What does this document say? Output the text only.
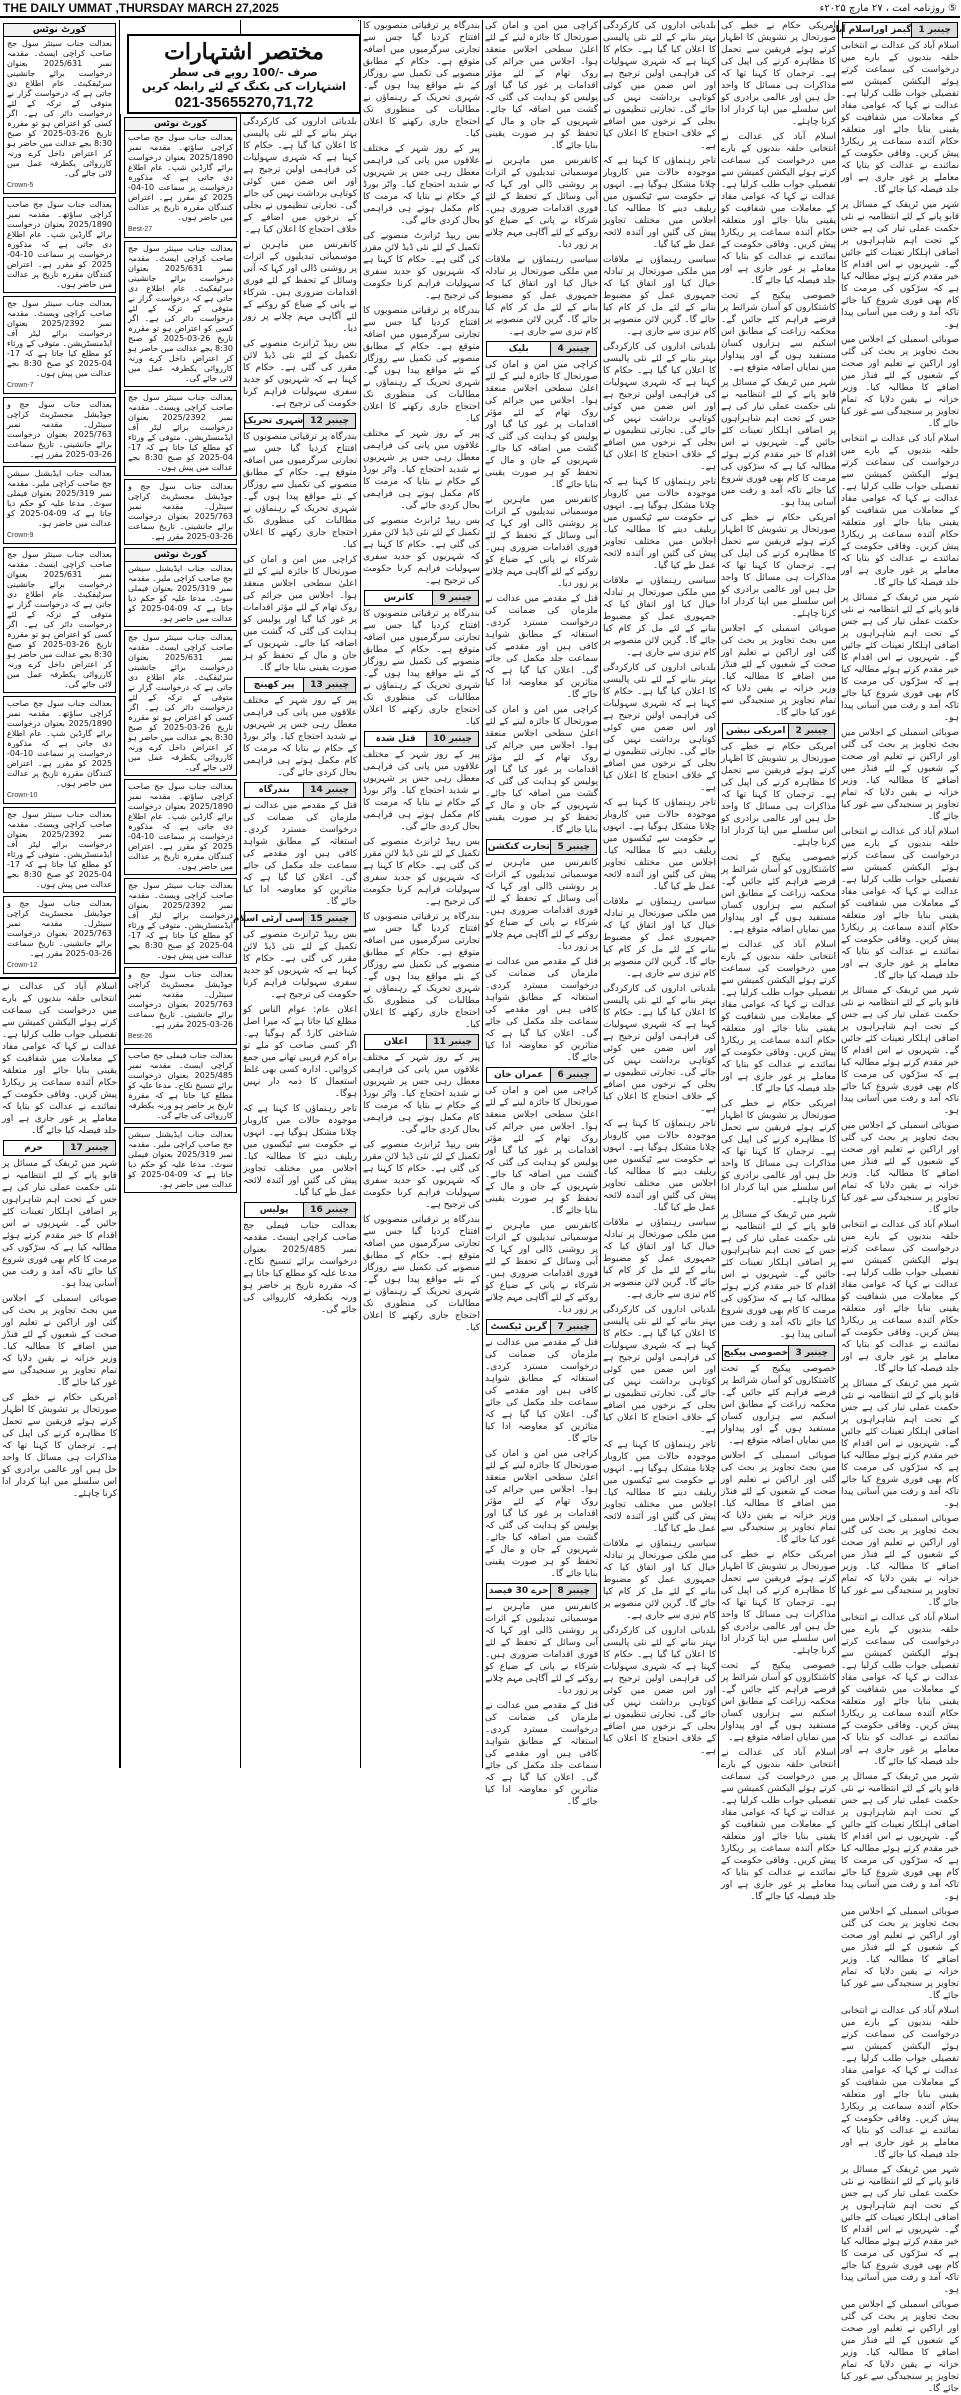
THE DAILY UMMAT ,THURSDAY MARCH 27,2025	⑤ روزنامہ امت ، ۲۷ مارچ ۲۰۲۵ء
چینبر 1
گیمز اوراسلام آباد

اسلام آباد کی عدالت نے انتخابی حلقہ بندیوں کے بارے میں درخواست کی سماعت کرتے ہوئے الیکشن کمیشن سے تفصیلی جواب طلب کرلیا ہے۔ عدالت نے کہا کہ عوامی مفاد کے معاملات میں شفافیت کو یقینی بنایا جائے اور متعلقہ حکام آئندہ سماعت پر ریکارڈ پیش کریں۔ وفاقی حکومت کے نمائندے نے عدالت کو بتایا کہ معاملے پر غور جاری ہے اور جلد فیصلہ کیا جائے گا۔

شہر میں ٹریفک کے مسائل پر قابو پانے کے لئے انتظامیہ نے نئی حکمت عملی تیار کی ہے جس کے تحت اہم شاہراہوں پر اضافی اہلکار تعینات کئے جائیں گے۔ شہریوں نے اس اقدام کا خیر مقدم کرتے ہوئے مطالبہ کیا ہے کہ سڑکوں کی مرمت کا کام بھی فوری شروع کیا جائے تاکہ آمد و رفت میں آسانی پیدا ہو۔

صوبائی اسمبلی کے اجلاس میں بجٹ تجاویز پر بحث کی گئی اور اراکین نے تعلیم اور صحت کے شعبوں کے لئے فنڈز میں اضافے کا مطالبہ کیا۔ وزیر خزانہ نے یقین دلایا کہ تمام تجاویز پر سنجیدگی سے غور کیا جائے گا۔

اسلام آباد کی عدالت نے انتخابی حلقہ بندیوں کے بارے میں درخواست کی سماعت کرتے ہوئے الیکشن کمیشن سے تفصیلی جواب طلب کرلیا ہے۔ عدالت نے کہا کہ عوامی مفاد کے معاملات میں شفافیت کو یقینی بنایا جائے اور متعلقہ حکام آئندہ سماعت پر ریکارڈ پیش کریں۔ وفاقی حکومت کے نمائندے نے عدالت کو بتایا کہ معاملے پر غور جاری ہے اور جلد فیصلہ کیا جائے گا۔

شہر میں ٹریفک کے مسائل پر قابو پانے کے لئے انتظامیہ نے نئی حکمت عملی تیار کی ہے جس کے تحت اہم شاہراہوں پر اضافی اہلکار تعینات کئے جائیں گے۔ شہریوں نے اس اقدام کا خیر مقدم کرتے ہوئے مطالبہ کیا ہے کہ سڑکوں کی مرمت کا کام بھی فوری شروع کیا جائے تاکہ آمد و رفت میں آسانی پیدا ہو۔

صوبائی اسمبلی کے اجلاس میں بجٹ تجاویز پر بحث کی گئی اور اراکین نے تعلیم اور صحت کے شعبوں کے لئے فنڈز میں اضافے کا مطالبہ کیا۔ وزیر خزانہ نے یقین دلایا کہ تمام تجاویز پر سنجیدگی سے غور کیا جائے گا۔

اسلام آباد کی عدالت نے انتخابی حلقہ بندیوں کے بارے میں درخواست کی سماعت کرتے ہوئے الیکشن کمیشن سے تفصیلی جواب طلب کرلیا ہے۔ عدالت نے کہا کہ عوامی مفاد کے معاملات میں شفافیت کو یقینی بنایا جائے اور متعلقہ حکام آئندہ سماعت پر ریکارڈ پیش کریں۔ وفاقی حکومت کے نمائندے نے عدالت کو بتایا کہ معاملے پر غور جاری ہے اور جلد فیصلہ کیا جائے گا۔

شہر میں ٹریفک کے مسائل پر قابو پانے کے لئے انتظامیہ نے نئی حکمت عملی تیار کی ہے جس کے تحت اہم شاہراہوں پر اضافی اہلکار تعینات کئے جائیں گے۔ شہریوں نے اس اقدام کا خیر مقدم کرتے ہوئے مطالبہ کیا ہے کہ سڑکوں کی مرمت کا کام بھی فوری شروع کیا جائے تاکہ آمد و رفت میں آسانی پیدا ہو۔

صوبائی اسمبلی کے اجلاس میں بجٹ تجاویز پر بحث کی گئی اور اراکین نے تعلیم اور صحت کے شعبوں کے لئے فنڈز میں اضافے کا مطالبہ کیا۔ وزیر خزانہ نے یقین دلایا کہ تمام تجاویز پر سنجیدگی سے غور کیا جائے گا۔

اسلام آباد کی عدالت نے انتخابی حلقہ بندیوں کے بارے میں درخواست کی سماعت کرتے ہوئے الیکشن کمیشن سے تفصیلی جواب طلب کرلیا ہے۔ عدالت نے کہا کہ عوامی مفاد کے معاملات میں شفافیت کو یقینی بنایا جائے اور متعلقہ حکام آئندہ سماعت پر ریکارڈ پیش کریں۔ وفاقی حکومت کے نمائندے نے عدالت کو بتایا کہ معاملے پر غور جاری ہے اور جلد فیصلہ کیا جائے گا۔

شہر میں ٹریفک کے مسائل پر قابو پانے کے لئے انتظامیہ نے نئی حکمت عملی تیار کی ہے جس کے تحت اہم شاہراہوں پر اضافی اہلکار تعینات کئے جائیں گے۔ شہریوں نے اس اقدام کا خیر مقدم کرتے ہوئے مطالبہ کیا ہے کہ سڑکوں کی مرمت کا کام بھی فوری شروع کیا جائے تاکہ آمد و رفت میں آسانی پیدا ہو۔

صوبائی اسمبلی کے اجلاس میں بجٹ تجاویز پر بحث کی گئی اور اراکین نے تعلیم اور صحت کے شعبوں کے لئے فنڈز میں اضافے کا مطالبہ کیا۔ وزیر خزانہ نے یقین دلایا کہ تمام تجاویز پر سنجیدگی سے غور کیا جائے گا۔

اسلام آباد کی عدالت نے انتخابی حلقہ بندیوں کے بارے میں درخواست کی سماعت کرتے ہوئے الیکشن کمیشن سے تفصیلی جواب طلب کرلیا ہے۔ عدالت نے کہا کہ عوامی مفاد کے معاملات میں شفافیت کو یقینی بنایا جائے اور متعلقہ حکام آئندہ سماعت پر ریکارڈ پیش کریں۔ وفاقی حکومت کے نمائندے نے عدالت کو بتایا کہ معاملے پر غور جاری ہے اور جلد فیصلہ کیا جائے گا۔

شہر میں ٹریفک کے مسائل پر قابو پانے کے لئے انتظامیہ نے نئی حکمت عملی تیار کی ہے جس کے تحت اہم شاہراہوں پر اضافی اہلکار تعینات کئے جائیں گے۔ شہریوں نے اس اقدام کا خیر مقدم کرتے ہوئے مطالبہ کیا ہے کہ سڑکوں کی مرمت کا کام بھی فوری شروع کیا جائے تاکہ آمد و رفت میں آسانی پیدا ہو۔

صوبائی اسمبلی کے اجلاس میں بجٹ تجاویز پر بحث کی گئی اور اراکین نے تعلیم اور صحت کے شعبوں کے لئے فنڈز میں اضافے کا مطالبہ کیا۔ وزیر خزانہ نے یقین دلایا کہ تمام تجاویز پر سنجیدگی سے غور کیا جائے گا۔

اسلام آباد کی عدالت نے انتخابی حلقہ بندیوں کے بارے میں درخواست کی سماعت کرتے ہوئے الیکشن کمیشن سے تفصیلی جواب طلب کرلیا ہے۔ عدالت نے کہا کہ عوامی مفاد کے معاملات میں شفافیت کو یقینی بنایا جائے اور متعلقہ حکام آئندہ سماعت پر ریکارڈ پیش کریں۔ وفاقی حکومت کے نمائندے نے عدالت کو بتایا کہ معاملے پر غور جاری ہے اور جلد فیصلہ کیا جائے گا۔

شہر میں ٹریفک کے مسائل پر قابو پانے کے لئے انتظامیہ نے نئی حکمت عملی تیار کی ہے جس کے تحت اہم شاہراہوں پر اضافی اہلکار تعینات کئے جائیں گے۔ شہریوں نے اس اقدام کا خیر مقدم کرتے ہوئے مطالبہ کیا ہے کہ سڑکوں کی مرمت کا کام بھی فوری شروع کیا جائے تاکہ آمد و رفت میں آسانی پیدا ہو۔

صوبائی اسمبلی کے اجلاس میں بجٹ تجاویز پر بحث کی گئی اور اراکین نے تعلیم اور صحت کے شعبوں کے لئے فنڈز میں اضافے کا مطالبہ کیا۔ وزیر خزانہ نے یقین دلایا کہ تمام تجاویز پر سنجیدگی سے غور کیا جائے گا۔

امریکی حکام نے خطے کی صورتحال پر تشویش کا اظہار کرتے ہوئے فریقین سے تحمل کا مظاہرہ کرنے کی اپیل کی ہے۔ ترجمان کا کہنا تھا کہ مذاکرات ہی مسائل کا واحد حل ہیں اور عالمی برادری کو اس سلسلے میں اپنا کردار ادا کرنا چاہئے۔

اسلام آباد کی عدالت نے انتخابی حلقہ بندیوں کے بارے میں درخواست کی سماعت کرتے ہوئے الیکشن کمیشن سے تفصیلی جواب طلب کرلیا ہے۔ عدالت نے کہا کہ عوامی مفاد کے معاملات میں شفافیت کو یقینی بنایا جائے اور متعلقہ حکام آئندہ سماعت پر ریکارڈ پیش کریں۔ وفاقی حکومت کے نمائندے نے عدالت کو بتایا کہ معاملے پر غور جاری ہے اور جلد فیصلہ کیا جائے گا۔

خصوصی پیکیج کے تحت کاشتکاروں کو آسان شرائط پر قرضے فراہم کئے جائیں گے۔ محکمہ زراعت کے مطابق اس اسکیم سے ہزاروں کسان مستفید ہوں گے اور پیداوار میں نمایاں اضافہ متوقع ہے۔

شہر میں ٹریفک کے مسائل پر قابو پانے کے لئے انتظامیہ نے نئی حکمت عملی تیار کی ہے جس کے تحت اہم شاہراہوں پر اضافی اہلکار تعینات کئے جائیں گے۔ شہریوں نے اس اقدام کا خیر مقدم کرتے ہوئے مطالبہ کیا ہے کہ سڑکوں کی مرمت کا کام بھی فوری شروع کیا جائے تاکہ آمد و رفت میں آسانی پیدا ہو۔

امریکی حکام نے خطے کی صورتحال پر تشویش کا اظہار کرتے ہوئے فریقین سے تحمل کا مظاہرہ کرنے کی اپیل کی ہے۔ ترجمان کا کہنا تھا کہ مذاکرات ہی مسائل کا واحد حل ہیں اور عالمی برادری کو اس سلسلے میں اپنا کردار ادا کرنا چاہئے۔

صوبائی اسمبلی کے اجلاس میں بجٹ تجاویز پر بحث کی گئی اور اراکین نے تعلیم اور صحت کے شعبوں کے لئے فنڈز میں اضافے کا مطالبہ کیا۔ وزیر خزانہ نے یقین دلایا کہ تمام تجاویز پر سنجیدگی سے غور کیا جائے گا۔

چینبر 2
امریکی نیشن

امریکی حکام نے خطے کی صورتحال پر تشویش کا اظہار کرتے ہوئے فریقین سے تحمل کا مظاہرہ کرنے کی اپیل کی ہے۔ ترجمان کا کہنا تھا کہ مذاکرات ہی مسائل کا واحد حل ہیں اور عالمی برادری کو اس سلسلے میں اپنا کردار ادا کرنا چاہئے۔

خصوصی پیکیج کے تحت کاشتکاروں کو آسان شرائط پر قرضے فراہم کئے جائیں گے۔ محکمہ زراعت کے مطابق اس اسکیم سے ہزاروں کسان مستفید ہوں گے اور پیداوار میں نمایاں اضافہ متوقع ہے۔

اسلام آباد کی عدالت نے انتخابی حلقہ بندیوں کے بارے میں درخواست کی سماعت کرتے ہوئے الیکشن کمیشن سے تفصیلی جواب طلب کرلیا ہے۔ عدالت نے کہا کہ عوامی مفاد کے معاملات میں شفافیت کو یقینی بنایا جائے اور متعلقہ حکام آئندہ سماعت پر ریکارڈ پیش کریں۔ وفاقی حکومت کے نمائندے نے عدالت کو بتایا کہ معاملے پر غور جاری ہے اور جلد فیصلہ کیا جائے گا۔

امریکی حکام نے خطے کی صورتحال پر تشویش کا اظہار کرتے ہوئے فریقین سے تحمل کا مظاہرہ کرنے کی اپیل کی ہے۔ ترجمان کا کہنا تھا کہ مذاکرات ہی مسائل کا واحد حل ہیں اور عالمی برادری کو اس سلسلے میں اپنا کردار ادا کرنا چاہئے۔

شہر میں ٹریفک کے مسائل پر قابو پانے کے لئے انتظامیہ نے نئی حکمت عملی تیار کی ہے جس کے تحت اہم شاہراہوں پر اضافی اہلکار تعینات کئے جائیں گے۔ شہریوں نے اس اقدام کا خیر مقدم کرتے ہوئے مطالبہ کیا ہے کہ سڑکوں کی مرمت کا کام بھی فوری شروع کیا جائے تاکہ آمد و رفت میں آسانی پیدا ہو۔

چینبر 3
خصوصی پیکیج

خصوصی پیکیج کے تحت کاشتکاروں کو آسان شرائط پر قرضے فراہم کئے جائیں گے۔ محکمہ زراعت کے مطابق اس اسکیم سے ہزاروں کسان مستفید ہوں گے اور پیداوار میں نمایاں اضافہ متوقع ہے۔

صوبائی اسمبلی کے اجلاس میں بجٹ تجاویز پر بحث کی گئی اور اراکین نے تعلیم اور صحت کے شعبوں کے لئے فنڈز میں اضافے کا مطالبہ کیا۔ وزیر خزانہ نے یقین دلایا کہ تمام تجاویز پر سنجیدگی سے غور کیا جائے گا۔

امریکی حکام نے خطے کی صورتحال پر تشویش کا اظہار کرتے ہوئے فریقین سے تحمل کا مظاہرہ کرنے کی اپیل کی ہے۔ ترجمان کا کہنا تھا کہ مذاکرات ہی مسائل کا واحد حل ہیں اور عالمی برادری کو اس سلسلے میں اپنا کردار ادا کرنا چاہئے۔

خصوصی پیکیج کے تحت کاشتکاروں کو آسان شرائط پر قرضے فراہم کئے جائیں گے۔ محکمہ زراعت کے مطابق اس اسکیم سے ہزاروں کسان مستفید ہوں گے اور پیداوار میں نمایاں اضافہ متوقع ہے۔

اسلام آباد کی عدالت نے انتخابی حلقہ بندیوں کے بارے میں درخواست کی سماعت کرتے ہوئے الیکشن کمیشن سے تفصیلی جواب طلب کرلیا ہے۔ عدالت نے کہا کہ عوامی مفاد کے معاملات میں شفافیت کو یقینی بنایا جائے اور متعلقہ حکام آئندہ سماعت پر ریکارڈ پیش کریں۔ وفاقی حکومت کے نمائندے نے عدالت کو بتایا کہ معاملے پر غور جاری ہے اور جلد فیصلہ کیا جائے گا۔

بلدیاتی اداروں کی کارکردگی بہتر بنانے کے لئے نئی پالیسی کا اعلان کیا گیا ہے۔ حکام کا کہنا ہے کہ شہری سہولیات کی فراہمی اولین ترجیح ہے اور اس ضمن میں کوئی کوتاہی برداشت نہیں کی جائے گی۔ تجارتی تنظیموں نے بجلی کے نرخوں میں اضافے کے خلاف احتجاج کا اعلان کیا ہے۔

تاجر رہنماؤں کا کہنا ہے کہ موجودہ حالات میں کاروبار چلانا مشکل ہوگیا ہے۔ انہوں نے حکومت سے ٹیکسوں میں ریلیف دینے کا مطالبہ کیا۔ اجلاس میں مختلف تجاویز پیش کی گئیں اور آئندہ لائحہ عمل طے کیا گیا۔

سیاسی رہنماؤں نے ملاقات میں ملکی صورتحال پر تبادلہ خیال کیا اور اتفاق کیا کہ جمہوری عمل کو مضبوط بنانے کے لئے مل کر کام کیا جائے گا۔ گرین لائن منصوبے پر کام تیزی سے جاری ہے۔

بلدیاتی اداروں کی کارکردگی بہتر بنانے کے لئے نئی پالیسی کا اعلان کیا گیا ہے۔ حکام کا کہنا ہے کہ شہری سہولیات کی فراہمی اولین ترجیح ہے اور اس ضمن میں کوئی کوتاہی برداشت نہیں کی جائے گی۔ تجارتی تنظیموں نے بجلی کے نرخوں میں اضافے کے خلاف احتجاج کا اعلان کیا ہے۔

تاجر رہنماؤں کا کہنا ہے کہ موجودہ حالات میں کاروبار چلانا مشکل ہوگیا ہے۔ انہوں نے حکومت سے ٹیکسوں میں ریلیف دینے کا مطالبہ کیا۔ اجلاس میں مختلف تجاویز پیش کی گئیں اور آئندہ لائحہ عمل طے کیا گیا۔

سیاسی رہنماؤں نے ملاقات میں ملکی صورتحال پر تبادلہ خیال کیا اور اتفاق کیا کہ جمہوری عمل کو مضبوط بنانے کے لئے مل کر کام کیا جائے گا۔ گرین لائن منصوبے پر کام تیزی سے جاری ہے۔

بلدیاتی اداروں کی کارکردگی بہتر بنانے کے لئے نئی پالیسی کا اعلان کیا گیا ہے۔ حکام کا کہنا ہے کہ شہری سہولیات کی فراہمی اولین ترجیح ہے اور اس ضمن میں کوئی کوتاہی برداشت نہیں کی جائے گی۔ تجارتی تنظیموں نے بجلی کے نرخوں میں اضافے کے خلاف احتجاج کا اعلان کیا ہے۔

تاجر رہنماؤں کا کہنا ہے کہ موجودہ حالات میں کاروبار چلانا مشکل ہوگیا ہے۔ انہوں نے حکومت سے ٹیکسوں میں ریلیف دینے کا مطالبہ کیا۔ اجلاس میں مختلف تجاویز پیش کی گئیں اور آئندہ لائحہ عمل طے کیا گیا۔

سیاسی رہنماؤں نے ملاقات میں ملکی صورتحال پر تبادلہ خیال کیا اور اتفاق کیا کہ جمہوری عمل کو مضبوط بنانے کے لئے مل کر کام کیا جائے گا۔ گرین لائن منصوبے پر کام تیزی سے جاری ہے۔

بلدیاتی اداروں کی کارکردگی بہتر بنانے کے لئے نئی پالیسی کا اعلان کیا گیا ہے۔ حکام کا کہنا ہے کہ شہری سہولیات کی فراہمی اولین ترجیح ہے اور اس ضمن میں کوئی کوتاہی برداشت نہیں کی جائے گی۔ تجارتی تنظیموں نے بجلی کے نرخوں میں اضافے کے خلاف احتجاج کا اعلان کیا ہے۔

تاجر رہنماؤں کا کہنا ہے کہ موجودہ حالات میں کاروبار چلانا مشکل ہوگیا ہے۔ انہوں نے حکومت سے ٹیکسوں میں ریلیف دینے کا مطالبہ کیا۔ اجلاس میں مختلف تجاویز پیش کی گئیں اور آئندہ لائحہ عمل طے کیا گیا۔

سیاسی رہنماؤں نے ملاقات میں ملکی صورتحال پر تبادلہ خیال کیا اور اتفاق کیا کہ جمہوری عمل کو مضبوط بنانے کے لئے مل کر کام کیا جائے گا۔ گرین لائن منصوبے پر کام تیزی سے جاری ہے۔

بلدیاتی اداروں کی کارکردگی بہتر بنانے کے لئے نئی پالیسی کا اعلان کیا گیا ہے۔ حکام کا کہنا ہے کہ شہری سہولیات کی فراہمی اولین ترجیح ہے اور اس ضمن میں کوئی کوتاہی برداشت نہیں کی جائے گی۔ تجارتی تنظیموں نے بجلی کے نرخوں میں اضافے کے خلاف احتجاج کا اعلان کیا ہے۔

تاجر رہنماؤں کا کہنا ہے کہ موجودہ حالات میں کاروبار چلانا مشکل ہوگیا ہے۔ انہوں نے حکومت سے ٹیکسوں میں ریلیف دینے کا مطالبہ کیا۔ اجلاس میں مختلف تجاویز پیش کی گئیں اور آئندہ لائحہ عمل طے کیا گیا۔

سیاسی رہنماؤں نے ملاقات میں ملکی صورتحال پر تبادلہ خیال کیا اور اتفاق کیا کہ جمہوری عمل کو مضبوط بنانے کے لئے مل کر کام کیا جائے گا۔ گرین لائن منصوبے پر کام تیزی سے جاری ہے۔

بلدیاتی اداروں کی کارکردگی بہتر بنانے کے لئے نئی پالیسی کا اعلان کیا گیا ہے۔ حکام کا کہنا ہے کہ شہری سہولیات کی فراہمی اولین ترجیح ہے اور اس ضمن میں کوئی کوتاہی برداشت نہیں کی جائے گی۔ تجارتی تنظیموں نے بجلی کے نرخوں میں اضافے کے خلاف احتجاج کا اعلان کیا ہے۔

کراچی میں امن و امان کی صورتحال کا جائزہ لینے کے لئے اعلیٰ سطحی اجلاس منعقد ہوا۔ اجلاس میں جرائم کی روک تھام کے لئے مؤثر اقدامات پر غور کیا گیا اور پولیس کو ہدایت کی گئی کہ گشت میں اضافہ کیا جائے۔ شہریوں کے جان و مال کے تحفظ کو ہر صورت یقینی بنایا جائے گا۔

کانفرنس میں ماہرین نے موسمیاتی تبدیلیوں کے اثرات پر روشنی ڈالی اور کہا کہ آبی وسائل کے تحفظ کے لئے فوری اقدامات ضروری ہیں۔ شرکاء نے پانی کے ضیاع کو روکنے کے لئے آگاہی مہم چلانے پر زور دیا۔

سیاسی رہنماؤں نے ملاقات میں ملکی صورتحال پر تبادلہ خیال کیا اور اتفاق کیا کہ جمہوری عمل کو مضبوط بنانے کے لئے مل کر کام کیا جائے گا۔ گرین لائن منصوبے پر کام تیزی سے جاری ہے۔

چینبر 4
بلیک

کراچی میں امن و امان کی صورتحال کا جائزہ لینے کے لئے اعلیٰ سطحی اجلاس منعقد ہوا۔ اجلاس میں جرائم کی روک تھام کے لئے مؤثر اقدامات پر غور کیا گیا اور پولیس کو ہدایت کی گئی کہ گشت میں اضافہ کیا جائے۔ شہریوں کے جان و مال کے تحفظ کو ہر صورت یقینی بنایا جائے گا۔

کانفرنس میں ماہرین نے موسمیاتی تبدیلیوں کے اثرات پر روشنی ڈالی اور کہا کہ آبی وسائل کے تحفظ کے لئے فوری اقدامات ضروری ہیں۔ شرکاء نے پانی کے ضیاع کو روکنے کے لئے آگاہی مہم چلانے پر زور دیا۔

قتل کے مقدمے میں عدالت نے ملزمان کی ضمانت کی درخواست مسترد کردی۔ استغاثہ کے مطابق شواہد کافی ہیں اور مقدمے کی سماعت جلد مکمل کی جائے گی۔ اعلان کیا گیا ہے کہ متاثرین کو معاوضہ ادا کیا جائے گا۔

کراچی میں امن و امان کی صورتحال کا جائزہ لینے کے لئے اعلیٰ سطحی اجلاس منعقد ہوا۔ اجلاس میں جرائم کی روک تھام کے لئے مؤثر اقدامات پر غور کیا گیا اور پولیس کو ہدایت کی گئی کہ گشت میں اضافہ کیا جائے۔ شہریوں کے جان و مال کے تحفظ کو ہر صورت یقینی بنایا جائے گا۔

چینبر 5
تجارت کنکشن

کانفرنس میں ماہرین نے موسمیاتی تبدیلیوں کے اثرات پر روشنی ڈالی اور کہا کہ آبی وسائل کے تحفظ کے لئے فوری اقدامات ضروری ہیں۔ شرکاء نے پانی کے ضیاع کو روکنے کے لئے آگاہی مہم چلانے پر زور دیا۔

قتل کے مقدمے میں عدالت نے ملزمان کی ضمانت کی درخواست مسترد کردی۔ استغاثہ کے مطابق شواہد کافی ہیں اور مقدمے کی سماعت جلد مکمل کی جائے گی۔ اعلان کیا گیا ہے کہ متاثرین کو معاوضہ ادا کیا جائے گا۔

چینبر 6
عمران خان

کراچی میں امن و امان کی صورتحال کا جائزہ لینے کے لئے اعلیٰ سطحی اجلاس منعقد ہوا۔ اجلاس میں جرائم کی روک تھام کے لئے مؤثر اقدامات پر غور کیا گیا اور پولیس کو ہدایت کی گئی کہ گشت میں اضافہ کیا جائے۔ شہریوں کے جان و مال کے تحفظ کو ہر صورت یقینی بنایا جائے گا۔

کانفرنس میں ماہرین نے موسمیاتی تبدیلیوں کے اثرات پر روشنی ڈالی اور کہا کہ آبی وسائل کے تحفظ کے لئے فوری اقدامات ضروری ہیں۔ شرکاء نے پانی کے ضیاع کو روکنے کے لئے آگاہی مہم چلانے پر زور دیا۔

چینبر 7
گرین ٹیکسٹ

قتل کے مقدمے میں عدالت نے ملزمان کی ضمانت کی درخواست مسترد کردی۔ استغاثہ کے مطابق شواہد کافی ہیں اور مقدمے کی سماعت جلد مکمل کی جائے گی۔ اعلان کیا گیا ہے کہ متاثرین کو معاوضہ ادا کیا جائے گا۔

کراچی میں امن و امان کی صورتحال کا جائزہ لینے کے لئے اعلیٰ سطحی اجلاس منعقد ہوا۔ اجلاس میں جرائم کی روک تھام کے لئے مؤثر اقدامات پر غور کیا گیا اور پولیس کو ہدایت کی گئی کہ گشت میں اضافہ کیا جائے۔ شہریوں کے جان و مال کے تحفظ کو ہر صورت یقینی بنایا جائے گا۔

چینبر 8
حرے 30 فیصد

کانفرنس میں ماہرین نے موسمیاتی تبدیلیوں کے اثرات پر روشنی ڈالی اور کہا کہ آبی وسائل کے تحفظ کے لئے فوری اقدامات ضروری ہیں۔ شرکاء نے پانی کے ضیاع کو روکنے کے لئے آگاہی مہم چلانے پر زور دیا۔

قتل کے مقدمے میں عدالت نے ملزمان کی ضمانت کی درخواست مسترد کردی۔ استغاثہ کے مطابق شواہد کافی ہیں اور مقدمے کی سماعت جلد مکمل کی جائے گی۔ اعلان کیا گیا ہے کہ متاثرین کو معاوضہ ادا کیا جائے گا۔

بندرگاہ پر ترقیاتی منصوبوں کا افتتاح کردیا گیا جس سے تجارتی سرگرمیوں میں اضافہ متوقع ہے۔ حکام کے مطابق منصوبے کی تکمیل سے روزگار کے نئے مواقع پیدا ہوں گے۔ شہری تحریک کے رہنماؤں نے مطالبات کی منظوری تک احتجاج جاری رکھنے کا اعلان کیا۔

پیر کے روز شہر کے مختلف علاقوں میں پانی کی فراہمی معطل رہی جس پر شہریوں نے شدید احتجاج کیا۔ واٹر بورڈ کے حکام نے بتایا کہ مرمت کا کام مکمل ہوتے ہی فراہمی بحال کردی جائے گی۔

بس ریپڈ ٹرانزٹ منصوبے کی تکمیل کے لئے نئی ڈیڈ لائن مقرر کی گئی ہے۔ حکام کا کہنا ہے کہ شہریوں کو جدید سفری سہولیات فراہم کرنا حکومت کی ترجیح ہے۔

بندرگاہ پر ترقیاتی منصوبوں کا افتتاح کردیا گیا جس سے تجارتی سرگرمیوں میں اضافہ متوقع ہے۔ حکام کے مطابق منصوبے کی تکمیل سے روزگار کے نئے مواقع پیدا ہوں گے۔ شہری تحریک کے رہنماؤں نے مطالبات کی منظوری تک احتجاج جاری رکھنے کا اعلان کیا۔

پیر کے روز شہر کے مختلف علاقوں میں پانی کی فراہمی معطل رہی جس پر شہریوں نے شدید احتجاج کیا۔ واٹر بورڈ کے حکام نے بتایا کہ مرمت کا کام مکمل ہوتے ہی فراہمی بحال کردی جائے گی۔

بس ریپڈ ٹرانزٹ منصوبے کی تکمیل کے لئے نئی ڈیڈ لائن مقرر کی گئی ہے۔ حکام کا کہنا ہے کہ شہریوں کو جدید سفری سہولیات فراہم کرنا حکومت کی ترجیح ہے۔

چینبر 9
کانرس

بندرگاہ پر ترقیاتی منصوبوں کا افتتاح کردیا گیا جس سے تجارتی سرگرمیوں میں اضافہ متوقع ہے۔ حکام کے مطابق منصوبے کی تکمیل سے روزگار کے نئے مواقع پیدا ہوں گے۔ شہری تحریک کے رہنماؤں نے مطالبات کی منظوری تک احتجاج جاری رکھنے کا اعلان کیا۔

چینبر 10
قتل شدہ

پیر کے روز شہر کے مختلف علاقوں میں پانی کی فراہمی معطل رہی جس پر شہریوں نے شدید احتجاج کیا۔ واٹر بورڈ کے حکام نے بتایا کہ مرمت کا کام مکمل ہوتے ہی فراہمی بحال کردی جائے گی۔

بس ریپڈ ٹرانزٹ منصوبے کی تکمیل کے لئے نئی ڈیڈ لائن مقرر کی گئی ہے۔ حکام کا کہنا ہے کہ شہریوں کو جدید سفری سہولیات فراہم کرنا حکومت کی ترجیح ہے۔

بندرگاہ پر ترقیاتی منصوبوں کا افتتاح کردیا گیا جس سے تجارتی سرگرمیوں میں اضافہ متوقع ہے۔ حکام کے مطابق منصوبے کی تکمیل سے روزگار کے نئے مواقع پیدا ہوں گے۔ شہری تحریک کے رہنماؤں نے مطالبات کی منظوری تک احتجاج جاری رکھنے کا اعلان کیا۔

چینبر 11
اعلان

پیر کے روز شہر کے مختلف علاقوں میں پانی کی فراہمی معطل رہی جس پر شہریوں نے شدید احتجاج کیا۔ واٹر بورڈ کے حکام نے بتایا کہ مرمت کا کام مکمل ہوتے ہی فراہمی بحال کردی جائے گی۔

بس ریپڈ ٹرانزٹ منصوبے کی تکمیل کے لئے نئی ڈیڈ لائن مقرر کی گئی ہے۔ حکام کا کہنا ہے کہ شہریوں کو جدید سفری سہولیات فراہم کرنا حکومت کی ترجیح ہے۔

بندرگاہ پر ترقیاتی منصوبوں کا افتتاح کردیا گیا جس سے تجارتی سرگرمیوں میں اضافہ متوقع ہے۔ حکام کے مطابق منصوبے کی تکمیل سے روزگار کے نئے مواقع پیدا ہوں گے۔ شہری تحریک کے رہنماؤں نے مطالبات کی منظوری تک احتجاج جاری رکھنے کا اعلان کیا۔

بلدیاتی اداروں کی کارکردگی بہتر بنانے کے لئے نئی پالیسی کا اعلان کیا گیا ہے۔ حکام کا کہنا ہے کہ شہری سہولیات کی فراہمی اولین ترجیح ہے اور اس ضمن میں کوئی کوتاہی برداشت نہیں کی جائے گی۔ تجارتی تنظیموں نے بجلی کے نرخوں میں اضافے کے خلاف احتجاج کا اعلان کیا ہے۔

کانفرنس میں ماہرین نے موسمیاتی تبدیلیوں کے اثرات پر روشنی ڈالی اور کہا کہ آبی وسائل کے تحفظ کے لئے فوری اقدامات ضروری ہیں۔ شرکاء نے پانی کے ضیاع کو روکنے کے لئے آگاہی مہم چلانے پر زور دیا۔

بس ریپڈ ٹرانزٹ منصوبے کی تکمیل کے لئے نئی ڈیڈ لائن مقرر کی گئی ہے۔ حکام کا کہنا ہے کہ شہریوں کو جدید سفری سہولیات فراہم کرنا حکومت کی ترجیح ہے۔

چینبر 12
شہری تحریک

بندرگاہ پر ترقیاتی منصوبوں کا افتتاح کردیا گیا جس سے تجارتی سرگرمیوں میں اضافہ متوقع ہے۔ حکام کے مطابق منصوبے کی تکمیل سے روزگار کے نئے مواقع پیدا ہوں گے۔ شہری تحریک کے رہنماؤں نے مطالبات کی منظوری تک احتجاج جاری رکھنے کا اعلان کیا۔

کراچی میں امن و امان کی صورتحال کا جائزہ لینے کے لئے اعلیٰ سطحی اجلاس منعقد ہوا۔ اجلاس میں جرائم کی روک تھام کے لئے مؤثر اقدامات پر غور کیا گیا اور پولیس کو ہدایت کی گئی کہ گشت میں اضافہ کیا جائے۔ شہریوں کے جان و مال کے تحفظ کو ہر صورت یقینی بنایا جائے گا۔

چینبر 13
پیر کھینچ

پیر کے روز شہر کے مختلف علاقوں میں پانی کی فراہمی معطل رہی جس پر شہریوں نے شدید احتجاج کیا۔ واٹر بورڈ کے حکام نے بتایا کہ مرمت کا کام مکمل ہوتے ہی فراہمی بحال کردی جائے گی۔

چینبر 14
بندرگاہ

قتل کے مقدمے میں عدالت نے ملزمان کی ضمانت کی درخواست مسترد کردی۔ استغاثہ کے مطابق شواہد کافی ہیں اور مقدمے کی سماعت جلد مکمل کی جائے گی۔ اعلان کیا گیا ہے کہ متاثرین کو معاوضہ ادا کیا جائے گا۔

چینبر 15
سی آرٹی اسلام

بس ریپڈ ٹرانزٹ منصوبے کی تکمیل کے لئے نئی ڈیڈ لائن مقرر کی گئی ہے۔ حکام کا کہنا ہے کہ شہریوں کو جدید سفری سہولیات فراہم کرنا حکومت کی ترجیح ہے۔

اعلان عام: عوام الناس کو مطلع کیا جاتا ہے کہ میرا اصل شناختی کارڈ گم ہوگیا ہے۔ اگر کسی صاحب کو ملے تو براہ کرم قریبی تھانے میں جمع کروائیں۔ ادارہ کسی بھی غلط استعمال کا ذمہ دار نہیں ہوگا۔

تاجر رہنماؤں کا کہنا ہے کہ موجودہ حالات میں کاروبار چلانا مشکل ہوگیا ہے۔ انہوں نے حکومت سے ٹیکسوں میں ریلیف دینے کا مطالبہ کیا۔ اجلاس میں مختلف تجاویز پیش کی گئیں اور آئندہ لائحہ عمل طے کیا گیا۔

چینبر 16
پولیس

بعدالت جناب فیملی جج صاحب کراچی ایسٹ۔ مقدمہ نمبر 2025/485 بعنوان درخواست برائے تنسیخ نکاح۔ مدعا علیہ کو مطلع کیا جاتا ہے کہ مقررہ تاریخ پر حاضر ہو ورنہ یکطرفہ کارروائی کی جائے گی۔

مختصر اشتہارات
صرف -/100 روپے فی سطر
اشتہارات کی بکنگ کے لئے رابطہ کریں
021-35655270,71,72
کورٹ نوٹس
بعدالت جناب سول جج صاحب کراچی ساؤتھ۔ مقدمہ نمبر 2025/1890 بعنوان درخواست برائے گارڈین شپ۔ عام اطلاع دی جاتی ہے کہ مذکورہ درخواست پر سماعت 10-04-2025 کو مقرر ہے۔ اعتراض کنندگان مقررہ تاریخ پر عدالت میں حاضر ہوں۔
Best-27
بعدالت جناب سینئر سول جج صاحب کراچی ایسٹ۔ مقدمہ نمبر 2025/631 بعنوان درخواست برائے جانشینی سرٹیفکیٹ۔ عام اطلاع دی جاتی ہے کہ درخواست گزار نے متوفی کے ترکہ کے لئے درخواست دائر کی ہے۔ اگر کسی کو اعتراض ہو تو مقررہ تاریخ 26-03-2025 کو صبح 8:30 بجے عدالت میں حاضر ہو کر اعتراض داخل کرے ورنہ کارروائی یکطرفہ عمل میں لائی جائے گی۔
بعدالت جناب سینئر سول جج صاحب کراچی ویسٹ۔ مقدمہ نمبر 2025/2392 بعنوان درخواست برائے لیٹر آف ایڈمنسٹریشن۔ متوفی کے ورثاء کو مطلع کیا جاتا ہے کہ 17-04-2025 کو صبح 8:30 بجے عدالت میں پیش ہوں۔
بعدالت جناب سول جج و جوڈیشل مجسٹریٹ کراچی سینٹرل۔ مقدمہ نمبر 2025/763 بعنوان درخواست برائے جانشینی۔ تاریخ سماعت 26-03-2025 مقرر ہے۔
کورٹ نوٹس
بعدالت جناب ایڈیشنل سیشن جج صاحب کراچی ملیر۔ مقدمہ نمبر 2025/319 بعنوان فیملی سوٹ۔ مدعا علیہ کو حکم دیا جاتا ہے کہ 09-04-2025 کو عدالت میں حاضر ہو۔
بعدالت جناب سینئر سول جج صاحب کراچی ایسٹ۔ مقدمہ نمبر 2025/631 بعنوان درخواست برائے جانشینی سرٹیفکیٹ۔ عام اطلاع دی جاتی ہے کہ درخواست گزار نے متوفی کے ترکہ کے لئے درخواست دائر کی ہے۔ اگر کسی کو اعتراض ہو تو مقررہ تاریخ 26-03-2025 کو صبح 8:30 بجے عدالت میں حاضر ہو کر اعتراض داخل کرے ورنہ کارروائی یکطرفہ عمل میں لائی جائے گی۔
بعدالت جناب سول جج صاحب کراچی ساؤتھ۔ مقدمہ نمبر 2025/1890 بعنوان درخواست برائے گارڈین شپ۔ عام اطلاع دی جاتی ہے کہ مذکورہ درخواست پر سماعت 10-04-2025 کو مقرر ہے۔ اعتراض کنندگان مقررہ تاریخ پر عدالت میں حاضر ہوں۔
بعدالت جناب سینئر سول جج صاحب کراچی ویسٹ۔ مقدمہ نمبر 2025/2392 بعنوان درخواست برائے لیٹر آف ایڈمنسٹریشن۔ متوفی کے ورثاء کو مطلع کیا جاتا ہے کہ 17-04-2025 کو صبح 8:30 بجے عدالت میں پیش ہوں۔
بعدالت جناب سول جج و جوڈیشل مجسٹریٹ کراچی سینٹرل۔ مقدمہ نمبر 2025/763 بعنوان درخواست برائے جانشینی۔ تاریخ سماعت 26-03-2025 مقرر ہے۔
Best-26
بعدالت جناب فیملی جج صاحب کراچی ایسٹ۔ مقدمہ نمبر 2025/485 بعنوان درخواست برائے تنسیخ نکاح۔ مدعا علیہ کو مطلع کیا جاتا ہے کہ مقررہ تاریخ پر حاضر ہو ورنہ یکطرفہ کارروائی کی جائے گی۔
بعدالت جناب ایڈیشنل سیشن جج صاحب کراچی ملیر۔ مقدمہ نمبر 2025/319 بعنوان فیملی سوٹ۔ مدعا علیہ کو حکم دیا جاتا ہے کہ 09-04-2025 کو عدالت میں حاضر ہو۔
کورٹ نوٹس
بعدالت جناب سینئر سول جج صاحب کراچی ایسٹ۔ مقدمہ نمبر 2025/631 بعنوان درخواست برائے جانشینی سرٹیفکیٹ۔ عام اطلاع دی جاتی ہے کہ درخواست گزار نے متوفی کے ترکہ کے لئے درخواست دائر کی ہے۔ اگر کسی کو اعتراض ہو تو مقررہ تاریخ 26-03-2025 کو صبح 8:30 بجے عدالت میں حاضر ہو کر اعتراض داخل کرے ورنہ کارروائی یکطرفہ عمل میں لائی جائے گی۔
Crown-5
بعدالت جناب سول جج صاحب کراچی ساؤتھ۔ مقدمہ نمبر 2025/1890 بعنوان درخواست برائے گارڈین شپ۔ عام اطلاع دی جاتی ہے کہ مذکورہ درخواست پر سماعت 10-04-2025 کو مقرر ہے۔ اعتراض کنندگان مقررہ تاریخ پر عدالت میں حاضر ہوں۔
بعدالت جناب سینئر سول جج صاحب کراچی ویسٹ۔ مقدمہ نمبر 2025/2392 بعنوان درخواست برائے لیٹر آف ایڈمنسٹریشن۔ متوفی کے ورثاء کو مطلع کیا جاتا ہے کہ 17-04-2025 کو صبح 8:30 بجے عدالت میں پیش ہوں۔
Crown-7
بعدالت جناب سول جج و جوڈیشل مجسٹریٹ کراچی سینٹرل۔ مقدمہ نمبر 2025/763 بعنوان درخواست برائے جانشینی۔ تاریخ سماعت 26-03-2025 مقرر ہے۔
بعدالت جناب ایڈیشنل سیشن جج صاحب کراچی ملیر۔ مقدمہ نمبر 2025/319 بعنوان فیملی سوٹ۔ مدعا علیہ کو حکم دیا جاتا ہے کہ 09-04-2025 کو عدالت میں حاضر ہو۔
Crown-9
بعدالت جناب سینئر سول جج صاحب کراچی ایسٹ۔ مقدمہ نمبر 2025/631 بعنوان درخواست برائے جانشینی سرٹیفکیٹ۔ عام اطلاع دی جاتی ہے کہ درخواست گزار نے متوفی کے ترکہ کے لئے درخواست دائر کی ہے۔ اگر کسی کو اعتراض ہو تو مقررہ تاریخ 26-03-2025 کو صبح 8:30 بجے عدالت میں حاضر ہو کر اعتراض داخل کرے ورنہ کارروائی یکطرفہ عمل میں لائی جائے گی۔
بعدالت جناب سول جج صاحب کراچی ساؤتھ۔ مقدمہ نمبر 2025/1890 بعنوان درخواست برائے گارڈین شپ۔ عام اطلاع دی جاتی ہے کہ مذکورہ درخواست پر سماعت 10-04-2025 کو مقرر ہے۔ اعتراض کنندگان مقررہ تاریخ پر عدالت میں حاضر ہوں۔
Crown-10
بعدالت جناب سینئر سول جج صاحب کراچی ویسٹ۔ مقدمہ نمبر 2025/2392 بعنوان درخواست برائے لیٹر آف ایڈمنسٹریشن۔ متوفی کے ورثاء کو مطلع کیا جاتا ہے کہ 17-04-2025 کو صبح 8:30 بجے عدالت میں پیش ہوں۔
بعدالت جناب سول جج و جوڈیشل مجسٹریٹ کراچی سینٹرل۔ مقدمہ نمبر 2025/763 بعنوان درخواست برائے جانشینی۔ تاریخ سماعت 26-03-2025 مقرر ہے۔
Crown-12

اسلام آباد کی عدالت نے انتخابی حلقہ بندیوں کے بارے میں درخواست کی سماعت کرتے ہوئے الیکشن کمیشن سے تفصیلی جواب طلب کرلیا ہے۔ عدالت نے کہا کہ عوامی مفاد کے معاملات میں شفافیت کو یقینی بنایا جائے اور متعلقہ حکام آئندہ سماعت پر ریکارڈ پیش کریں۔ وفاقی حکومت کے نمائندے نے عدالت کو بتایا کہ معاملے پر غور جاری ہے اور جلد فیصلہ کیا جائے گا۔

چینبر 17
حرم

شہر میں ٹریفک کے مسائل پر قابو پانے کے لئے انتظامیہ نے نئی حکمت عملی تیار کی ہے جس کے تحت اہم شاہراہوں پر اضافی اہلکار تعینات کئے جائیں گے۔ شہریوں نے اس اقدام کا خیر مقدم کرتے ہوئے مطالبہ کیا ہے کہ سڑکوں کی مرمت کا کام بھی فوری شروع کیا جائے تاکہ آمد و رفت میں آسانی پیدا ہو۔

صوبائی اسمبلی کے اجلاس میں بجٹ تجاویز پر بحث کی گئی اور اراکین نے تعلیم اور صحت کے شعبوں کے لئے فنڈز میں اضافے کا مطالبہ کیا۔ وزیر خزانہ نے یقین دلایا کہ تمام تجاویز پر سنجیدگی سے غور کیا جائے گا۔

امریکی حکام نے خطے کی صورتحال پر تشویش کا اظہار کرتے ہوئے فریقین سے تحمل کا مظاہرہ کرنے کی اپیل کی ہے۔ ترجمان کا کہنا تھا کہ مذاکرات ہی مسائل کا واحد حل ہیں اور عالمی برادری کو اس سلسلے میں اپنا کردار ادا کرنا چاہئے۔
